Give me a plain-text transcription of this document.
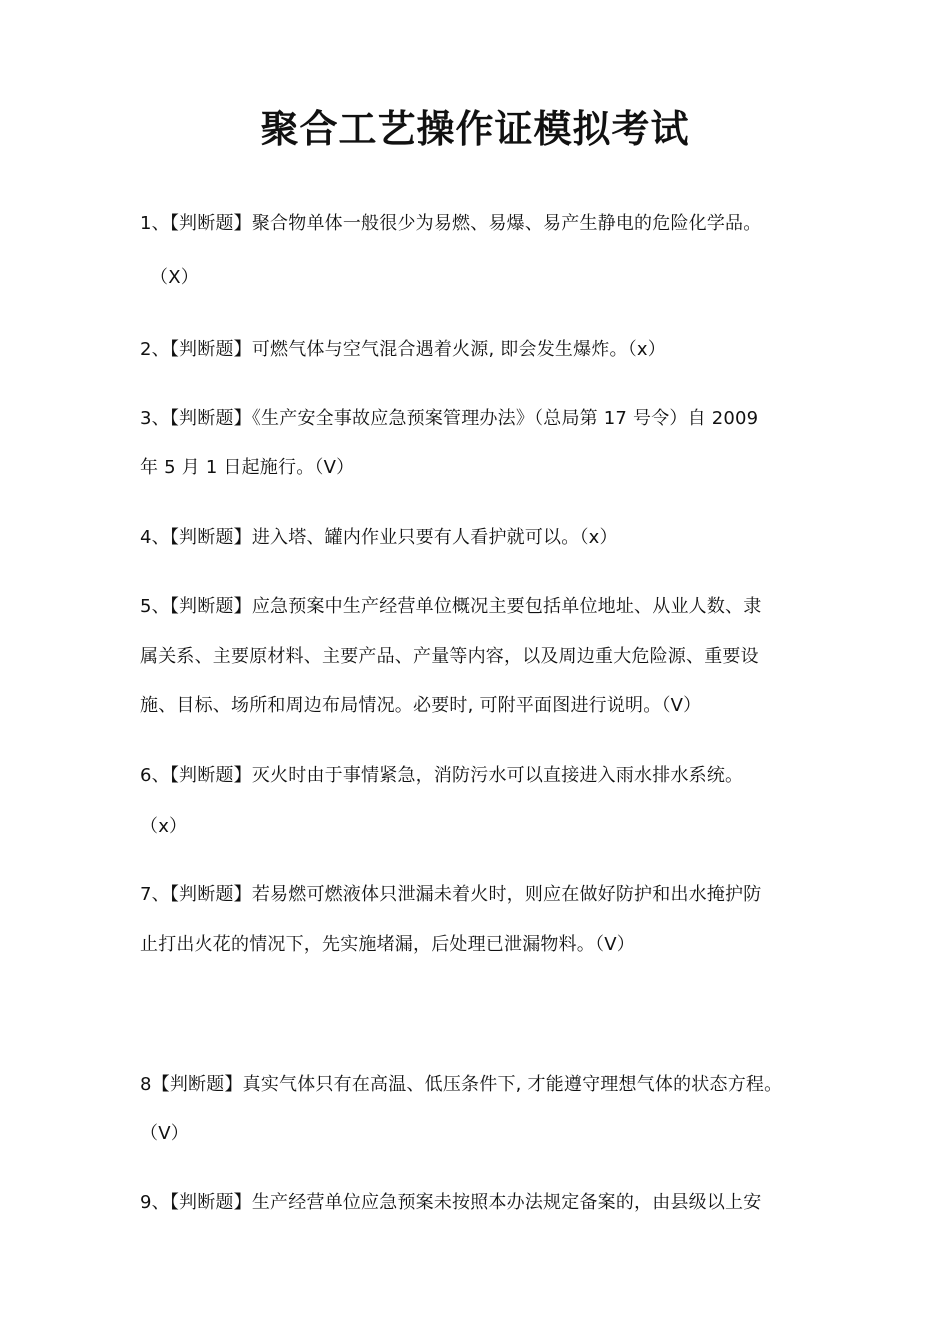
聚合工艺操作证模拟考试
1、【判断题】聚合物单体一般很少为易燃、易爆、易产生静电的危险化学品。
（X）
2、【判断题】可燃气体与空气混合遇着火源, 即会发生爆炸。（x）
3、【判断题】《生产安全事故应急预案管理办法》（总局第 17 号令）自 2009
年 5 月 1 日起施行。（V）
4、【判断题】进入塔、罐内作业只要有人看护就可以。（x）
5、【判断题】应急预案中生产经营单位概况主要包括单位地址、从业人数、隶
属关系、主要原材料、主要产品、产量等内容，以及周边重大危险源、重要设
施、目标、场所和周边布局情况。必要时, 可附平面图进行说明。（V）
6、【判断题】灭火时由于事情紧急，消防污水可以直接进入雨水排水系统。
（x）
7、【判断题】若易燃可燃液体只泄漏未着火时，则应在做好防护和出水掩护防
止打出火花的情况下，先实施堵漏，后处理已泄漏物料。（V）
8【判断题】真实气体只有在高温、低压条件下, 才能遵守理想气体的状态方程。
（V）
9、【判断题】生产经营单位应急预案未按照本办法规定备案的，由县级以上安
